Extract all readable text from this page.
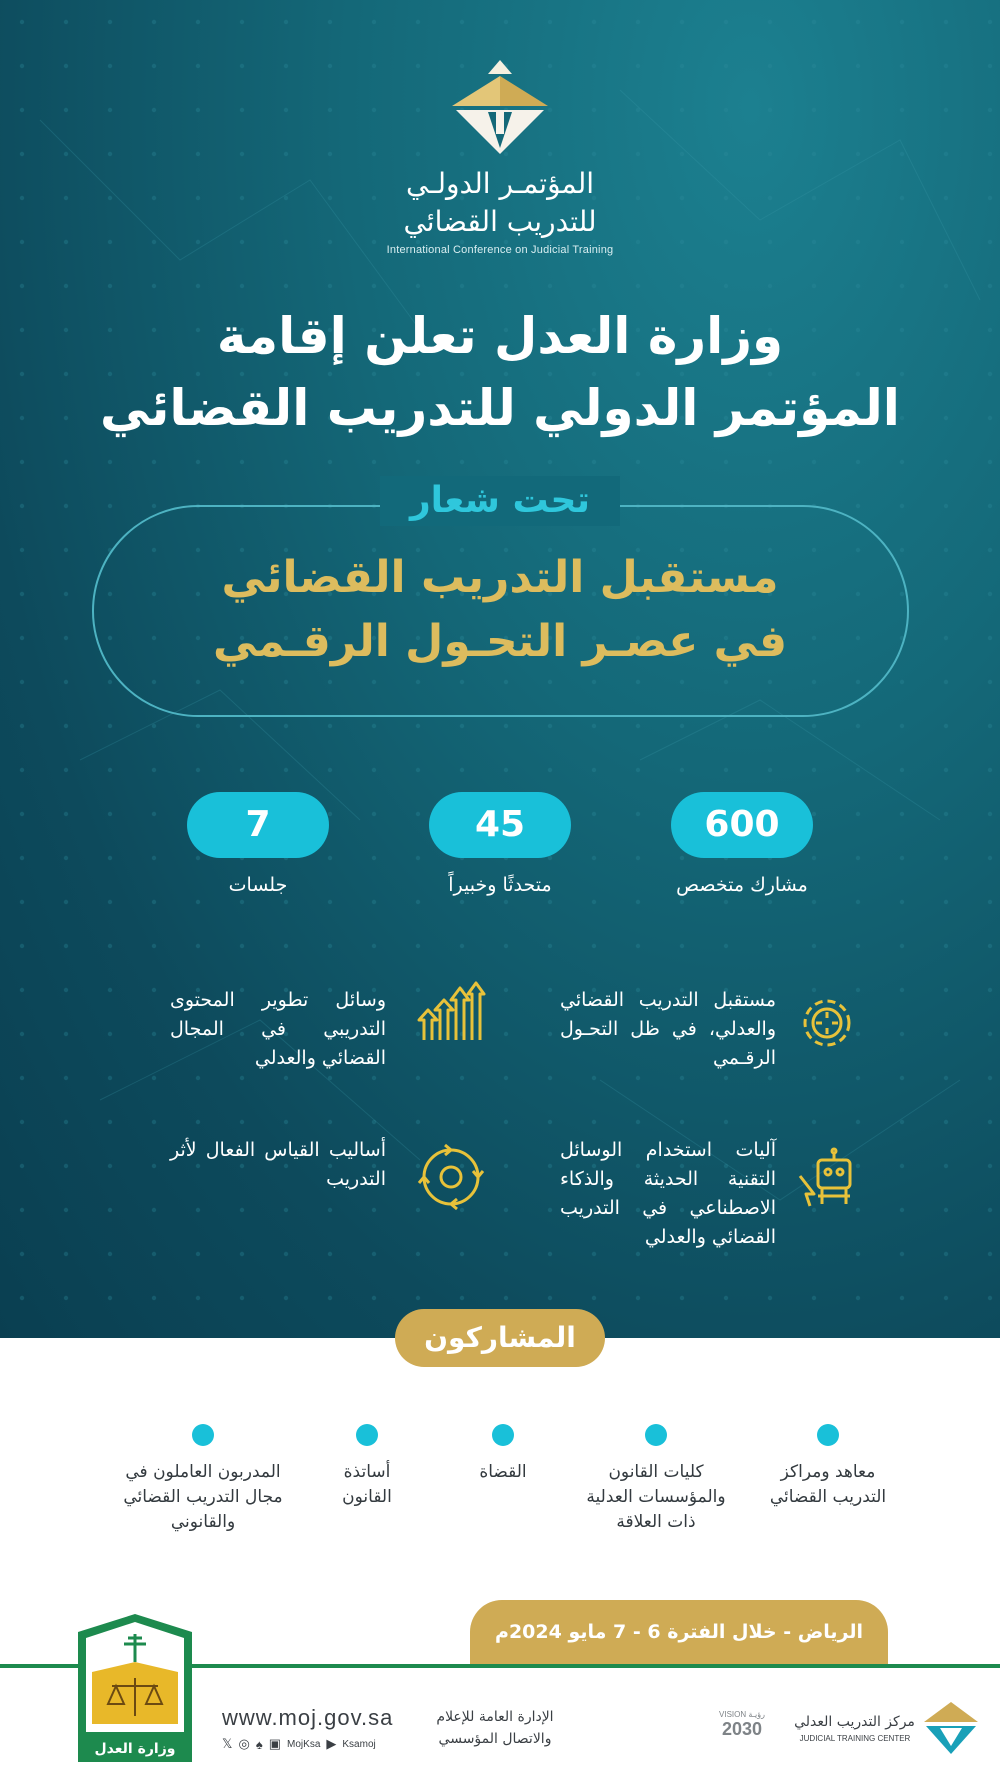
المؤتمـر الدولـي
للتدريب القضائي
International Conference on Judicial Training
وزارة العدل تعلن إقامة
المؤتمر الدولي للتدريب القضائي
تحت شعار
مستقبل التدريب القضائي
في عصـر التحـول الرقـمي
600
مشارك متخصص
45
متحدثًا وخبيراً
7
جلسات
مستقبل التدريب القضائي والعدلي، في ظل التحـول الرقـمي
وسائل تطوير المحتوى التدريبي في المجال القضائي والعدلي
آليات استخدام الوسائل التقنية الحديثة والذكاء الاصطناعي في التدريب القضائي والعدلي
أساليب القياس الفعال لأثر التدريب
المشاركون
معاهد ومراكز التدريب القضائي
كليات القانون والمؤسسات العدلية ذات العلاقة
القضاة
أساتذة القانون
المدربون العاملون في مجال التدريب القضائي والقانوني
الرياض - خلال الفترة 6 - 7 مايو 2024م
وزارة العدل
www.moj.gov.sa
𝕏 ◎ ♠ ▣ MojKsa ▶ Ksamoj
الإدارة العامة للإعلام
والاتصال المؤسسي
VISION رؤيـة
2030	مركز التدريب العدلي
JUDICIAL TRAINING CENTER
